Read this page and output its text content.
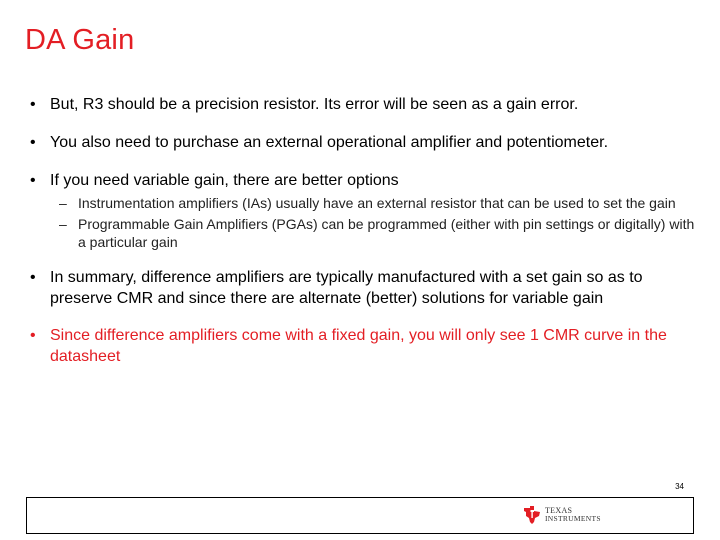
DA Gain
• But, R3 should be a precision resistor. Its error will be seen as a gain error.
• You also need to purchase an external operational amplifier and potentiometer.
• If you need variable gain, there are better options
– Instrumentation amplifiers (IAs) usually have an external resistor that can be used to set the gain
– Programmable Gain Amplifiers (PGAs) can be programmed (either with pin settings or digitally) with a particular gain
• In summary, difference amplifiers are typically manufactured with a set gain so as to preserve CMR and since there are alternate (better) solutions for variable gain
• Since difference amplifiers come with a fixed gain, you will only see 1 CMR curve in the datasheet
34
TEXAS
INSTRUMENTS
